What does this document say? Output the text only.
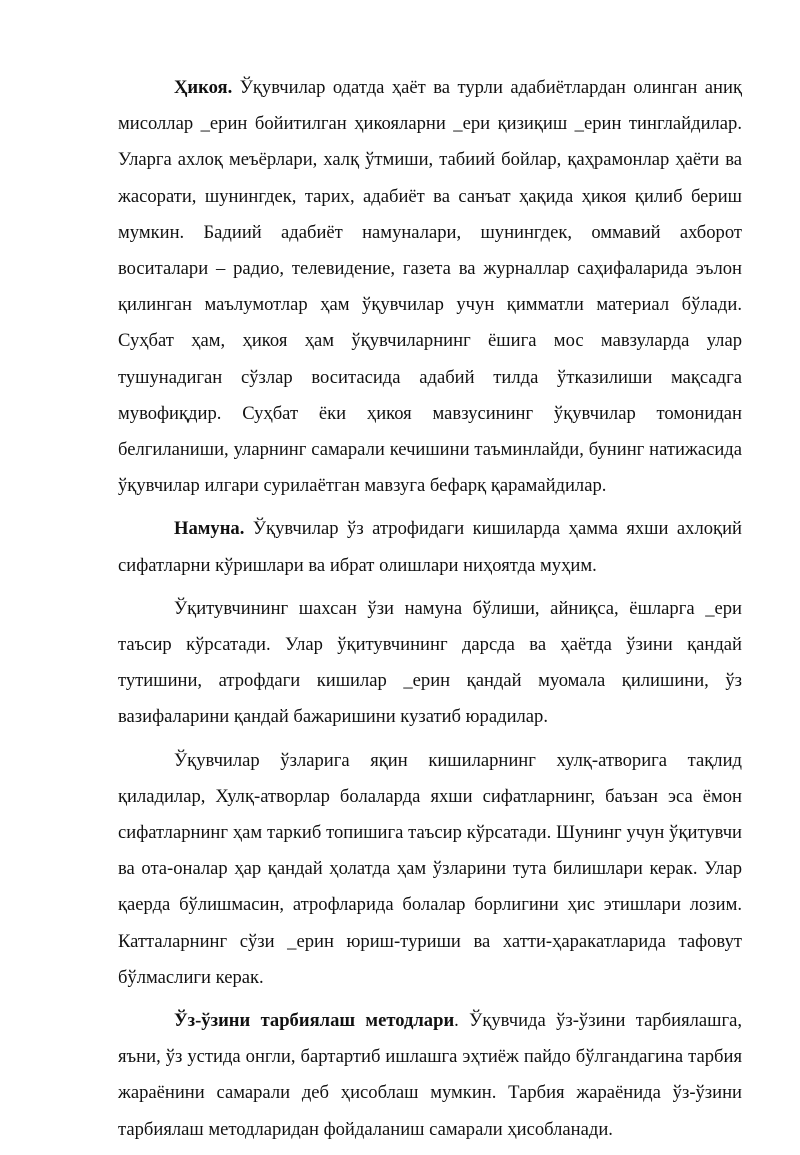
Ҳикоя. Ўқувчилар одатда ҳаёт ва турли адабиётлардан олинган аниқ мисоллар _ерин бойитилган ҳикояларни _ери қизиқиш _ерин тинглайдилар. Уларга ахлоқ меъёрлари, халқ ўтмиши, табиий бойлар, қаҳрамонлар ҳаёти ва жасорати, шунингдек, тарих, адабиёт ва санъат ҳақида ҳикоя қилиб бериш мумкин. Бадиий адабиёт намуналари, шунингдек, оммавий ахборот воситалари – радио, телевидение, газета ва журналлар саҳифаларида эълон қилинган маълумотлар ҳам ўқувчилар учун қимматли материал бўлади. Суҳбат ҳам, ҳикоя ҳам ўқувчиларнинг ёшига мос мавзуларда улар тушунадиган сўзлар воситасида адабий тилда ўтказилиши мақсадга мувофиқдир. Суҳбат ёки ҳикоя мавзусининг ўқувчилар томонидан белгиланиши, уларнинг самарали кечишини таъминлайди, бунинг натижасида ўқувчилар илгари сурилаётган мавзуга бефарқ қарамайдилар.

Намуна. Ўқувчилар ўз атрофидаги кишиларда ҳамма яхши ахлоқий сифатларни кўришлари ва ибрат олишлари ниҳоятда муҳим.

Ўқитувчининг шахсан ўзи намуна бўлиши, айниқса, ёшларга _ери таъсир кўрсатади. Улар ўқитувчининг дарсда ва ҳаётда ўзини қандай тутишини, атрофдаги кишилар _ерин қандай муомала қилишини, ўз вазифаларини қандай бажаришини кузатиб юрадилар.

Ўқувчилар ўзларига яқин кишиларнинг хулқ-атворига тақлид қиладилар, Хулқ-атворлар болаларда яхши сифатларнинг, баъзан эса ёмон сифатларнинг ҳам таркиб топишига таъсир кўрсатади. Шунинг учун ўқитувчи ва ота-оналар ҳар қандай ҳолатда ҳам ўзларини тута билишлари керак. Улар қаерда бўлишмасин, атрофларида болалар борлигини ҳис этишлари лозим. Катталарнинг сўзи _ерин юриш-туриши ва хатти-ҳаракатларида тафовут бўлмаслиги керак.

Ўз-ўзини тарбиялаш методлари. Ўқувчида ўз-ўзини тарбиялашга, яъни, ўз устида онгли, бартартиб ишлашга эҳтиёж пайдо бўлгандагина тарбия жараёнини самарали деб ҳисоблаш мумкин. Тарбия жараёнида ўз-ўзини тарбиялаш методларидан фойдаланиш самарали ҳисобланади.
